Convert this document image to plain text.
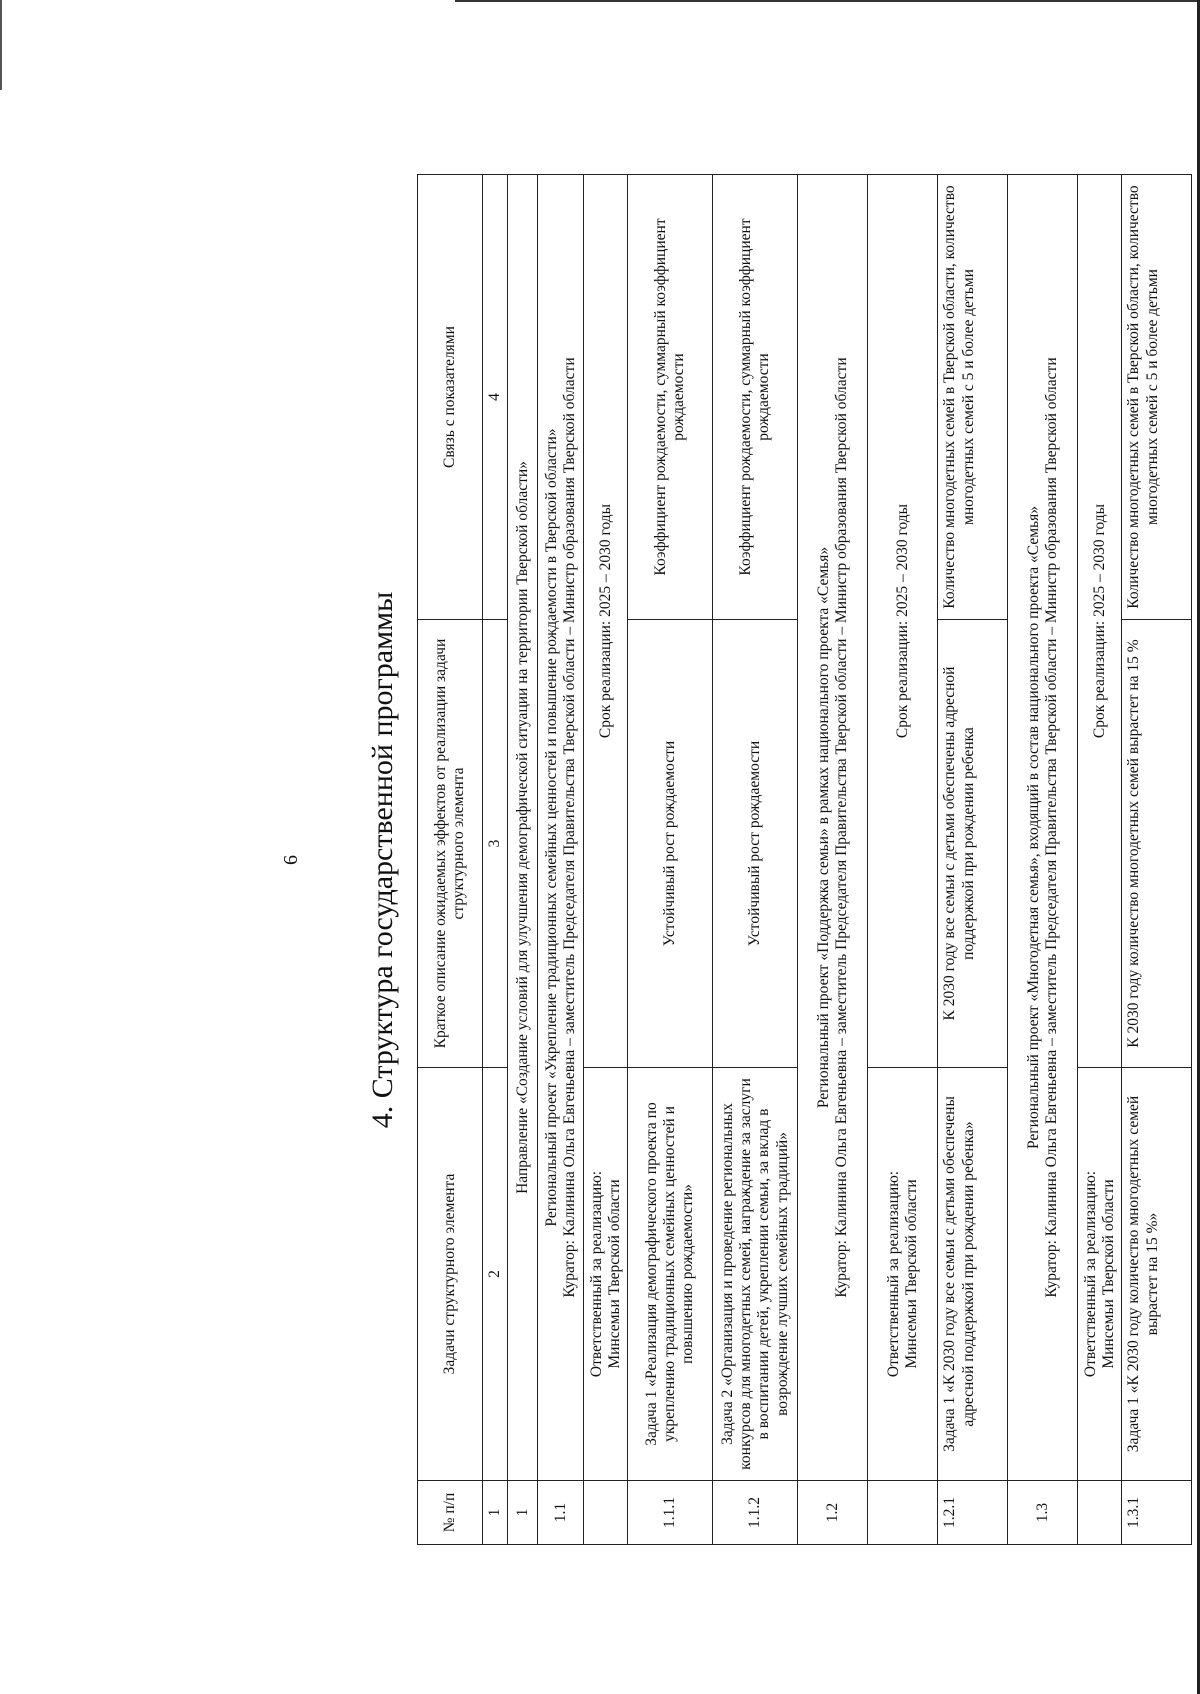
6 4. Структура государственной программы
№ п/п	Задачи структурного элемента	Краткое описание ожидаемых эффектов от реализации задачи структурного элемента	Связь с показателями
1	2	3	4
1	Направление «Создание условий для улучшения демографической ситуации на территории Тверской области»		
1.1	Региональный проект «Укрепление традиционных семейных ценностей и повышение рождаемости в Тверской области» Куратор: Калинина Ольга Евгеньевна – заместитель Председателя Правительства Тверской области – Министр образования Тверской области		

	Ответственный за реализацию: Минсемьи Тверской области	Срок реализации: 2025 – 2030 годы	
1.1.1	Задача 1 «Реализация демографического проекта по укреплению традиционных семейных ценностей и повышению рождаемости»	Устойчивый рост рождаемости	Коэффициент рождаемости, суммарный коэффициент рождаемости
1.1.2	Задача 2 «Организация и проведение региональных конкурсов для многодетных семей, награждение за заслуги в воспитании детей, укреплении семьи, за вклад в возрождение лучших семейных традиций»	Устойчивый рост рождаемости	Коэффициент рождаемости, суммарный коэффициент рождаемости
1.2	Региональный проект «Поддержка семьи» в рамках национального проекта «Семья» Куратор: Калинина Ольга Евгеньевна – заместитель Председателя Правительства Тверской области – Министр образования Тверской области		

	Ответственный за реализацию: Минсемьи Тверской области	Срок реализации: 2025 – 2030 годы	
1.2.1	Задача 1 «К 2030 году все семьи с детьми обеспечены адресной поддержкой при рождении ребенка»	К 2030 году все семьи с детьми обеспечены адресной поддержкой при рождении ребенка	Количество многодетных семей в Тверской области, количество многодетных семей с 5 и более детьми
1.3	Региональный проект «Многодетная семья», входящий в состав национального проекта «Семья» Куратор: Калинина Ольга Евгеньевна – заместитель Председателя Правительства Тверской области – Министр образования Тверской области		

	Ответственный за реализацию: Минсемьи Тверской области	Срок реализации: 2025 – 2030 годы	
1.3.1	Задача 1 «К 2030 году количество многодетных семей вырастет на 15 %»	К 2030 году количество многодетных семей вырастет на 15 %	Количество многодетных семей в Тверской области, количество многодетных семей с 5 и более детьми
